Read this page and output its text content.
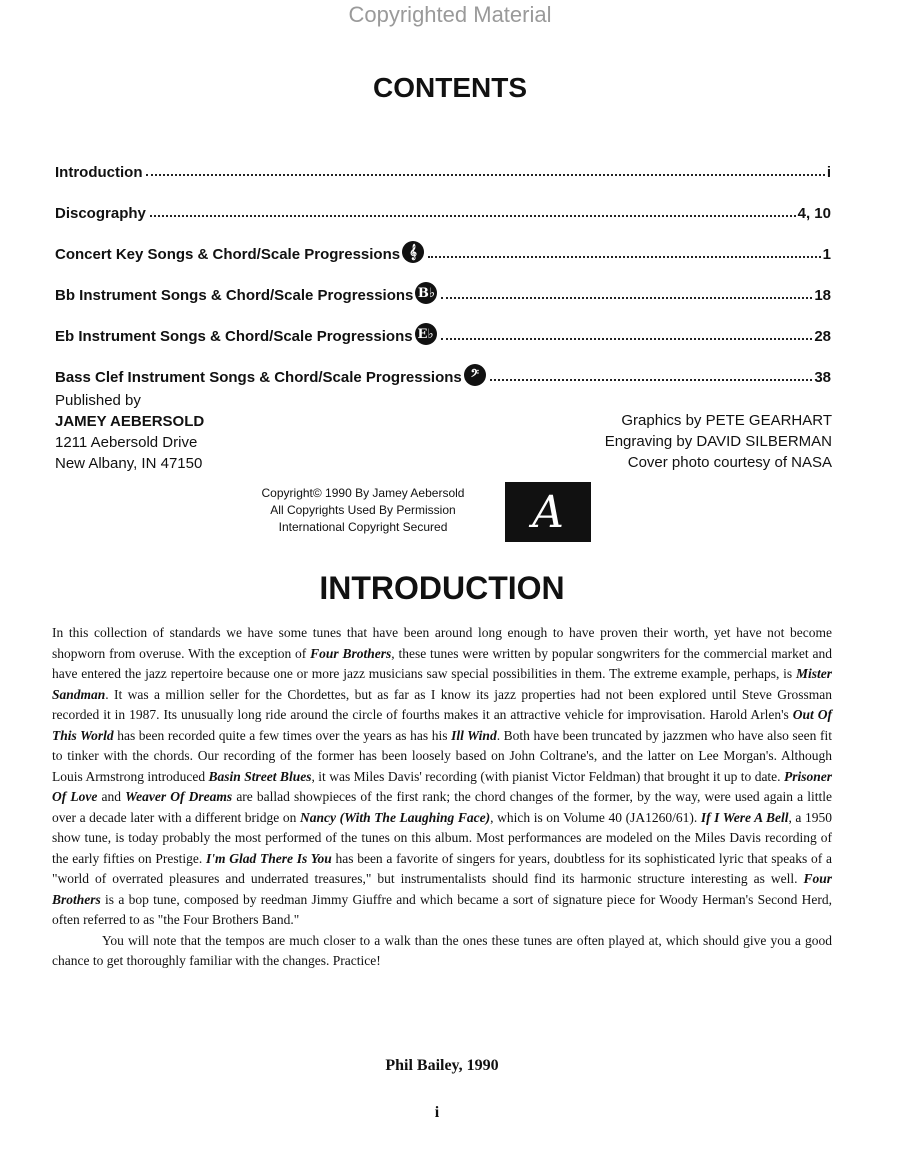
Copyrighted Material
CONTENTS
Introduction	i
Discography	4, 10
Concert Key Songs & Chord/Scale Progressions 𝄞	1
Bb Instrument Songs & Chord/Scale Progressions B♭	18
Eb Instrument Songs & Chord/Scale Progressions E♭	28
Bass Clef Instrument Songs & Chord/Scale Progressions 𝄢	38
Published by
JAMEY AEBERSOLD
1211 Aebersold Drive
New Albany, IN 47150
Graphics by PETE GEARHART
Engraving by DAVID SILBERMAN
Cover photo courtesy of NASA
Copyright© 1990 By Jamey Aebersold
All Copyrights Used By Permission
International Copyright Secured	A
INTRODUCTION

In this collection of standards we have some tunes that have been around long enough to have proven their worth, yet have not become shopworn from overuse. With the exception of Four Brothers, these tunes were written by popular songwriters for the commercial market and have entered the jazz repertoire because one or more jazz musicians saw special possibilities in them. The extreme example, perhaps, is Mister Sandman. It was a million seller for the Chordettes, but as far as I know its jazz properties had not been explored until Steve Grossman recorded it in 1987. Its unusually long ride around the circle of fourths makes it an attractive vehicle for improvisation. Harold Arlen's Out Of This World has been recorded quite a few times over the years as has his Ill Wind. Both have been truncated by jazzmen who have also seen fit to tinker with the chords. Our recording of the former has been loosely based on John Coltrane's, and the latter on Lee Morgan's. Although Louis Armstrong introduced Basin Street Blues, it was Miles Davis' recording (with pianist Victor Feldman) that brought it up to date. Prisoner Of Love and Weaver Of Dreams are ballad showpieces of the first rank; the chord changes of the former, by the way, were used again a little over a decade later with a different bridge on Nancy (With The Laughing Face), which is on Volume 40 (JA1260/61). If I Were A Bell, a 1950 show tune, is today probably the most performed of the tunes on this album. Most performances are modeled on the Miles Davis recording of the early fifties on Prestige. I'm Glad There Is You has been a favorite of singers for years, doubtless for its sophisticated lyric that speaks of a "world of overrated pleasures and underrated treasures," but instrumentalists should find its harmonic structure interesting as well. Four Brothers is a bop tune, composed by reedman Jimmy Giuffre and which became a sort of signature piece for Woody Herman's Second Herd, often referred to as "the Four Brothers Band."

You will note that the tempos are much closer to a walk than the ones these tunes are often played at, which should give you a good chance to get thoroughly familiar with the changes. Practice!

Phil Bailey, 1990
i
